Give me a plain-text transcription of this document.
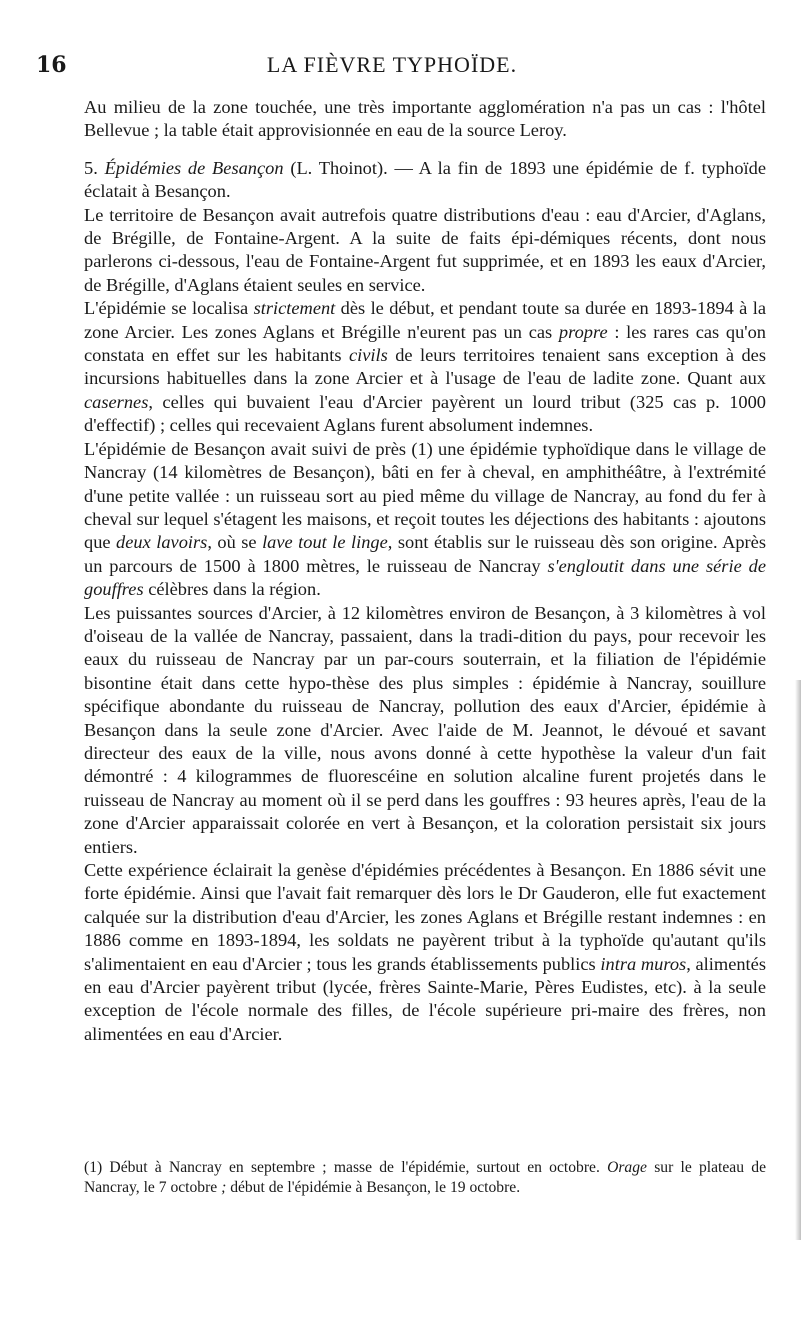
16	LA FIÈVRE TYPHOÏDE.

Au milieu de la zone touchée, une très importante agglomération n'a pas un cas : l'hôtel Bellevue ; la table était approvisionnée en eau de la source Leroy.

5. Épidémies de Besançon (L. Thoinot). — A la fin de 1893 une épidémie de f. typhoïde éclatait à Besançon.

Le territoire de Besançon avait autrefois quatre distributions d'eau : eau d'Arcier, d'Aglans, de Brégille, de Fontaine-Argent. A la suite de faits épi-démiques récents, dont nous parlerons ci-dessous, l'eau de Fontaine-Argent fut supprimée, et en 1893 les eaux d'Arcier, de Brégille, d'Aglans étaient seules en service.

L'épidémie se localisa strictement dès le début, et pendant toute sa durée en 1893-1894 à la zone Arcier. Les zones Aglans et Brégille n'eurent pas un cas propre : les rares cas qu'on constata en effet sur les habitants civils de leurs territoires tenaient sans exception à des incursions habituelles dans la zone Arcier et à l'usage de l'eau de ladite zone. Quant aux casernes, celles qui buvaient l'eau d'Arcier payèrent un lourd tribut (325 cas p. 1000 d'effectif) ; celles qui recevaient Aglans furent absolument indemnes.

L'épidémie de Besançon avait suivi de près (1) une épidémie typhoïdique dans le village de Nancray (14 kilomètres de Besançon), bâti en fer à cheval, en amphithéâtre, à l'extrémité d'une petite vallée : un ruisseau sort au pied même du village de Nancray, au fond du fer à cheval sur lequel s'étagent les maisons, et reçoit toutes les déjections des habitants : ajoutons que deux lavoirs, où se lave tout le linge, sont établis sur le ruisseau dès son origine. Après un parcours de 1500 à 1800 mètres, le ruisseau de Nancray s'engloutit dans une série de gouffres célèbres dans la région.

Les puissantes sources d'Arcier, à 12 kilomètres environ de Besançon, à 3 kilomètres à vol d'oiseau de la vallée de Nancray, passaient, dans la tradi-dition du pays, pour recevoir les eaux du ruisseau de Nancray par un par-cours souterrain, et la filiation de l'épidémie bisontine était dans cette hypo-thèse des plus simples : épidémie à Nancray, souillure spécifique abondante du ruisseau de Nancray, pollution des eaux d'Arcier, épidémie à Besançon dans la seule zone d'Arcier. Avec l'aide de M. Jeannot, le dévoué et savant directeur des eaux de la ville, nous avons donné à cette hypothèse la valeur d'un fait démontré : 4 kilogrammes de fluorescéine en solution alcaline furent projetés dans le ruisseau de Nancray au moment où il se perd dans les gouffres : 93 heures après, l'eau de la zone d'Arcier apparaissait colorée en vert à Besançon, et la coloration persistait six jours entiers.

Cette expérience éclairait la genèse d'épidémies précédentes à Besançon. En 1886 sévit une forte épidémie. Ainsi que l'avait fait remarquer dès lors le Dr Gauderon, elle fut exactement calquée sur la distribution d'eau d'Arcier, les zones Aglans et Brégille restant indemnes : en 1886 comme en 1893-1894, les soldats ne payèrent tribut à la typhoïde qu'autant qu'ils s'alimentaient en eau d'Arcier ; tous les grands établissements publics intra muros, alimentés en eau d'Arcier payèrent tribut (lycée, frères Sainte-Marie, Pères Eudistes, etc). à la seule exception de l'école normale des filles, de l'école supérieure pri-maire des frères, non alimentées en eau d'Arcier.

(1) Début à Nancray en septembre ; masse de l'épidémie, surtout en octobre. Orage sur le plateau de Nancray, le 7 octobre ; début de l'épidémie à Besançon, le 19 octobre.
